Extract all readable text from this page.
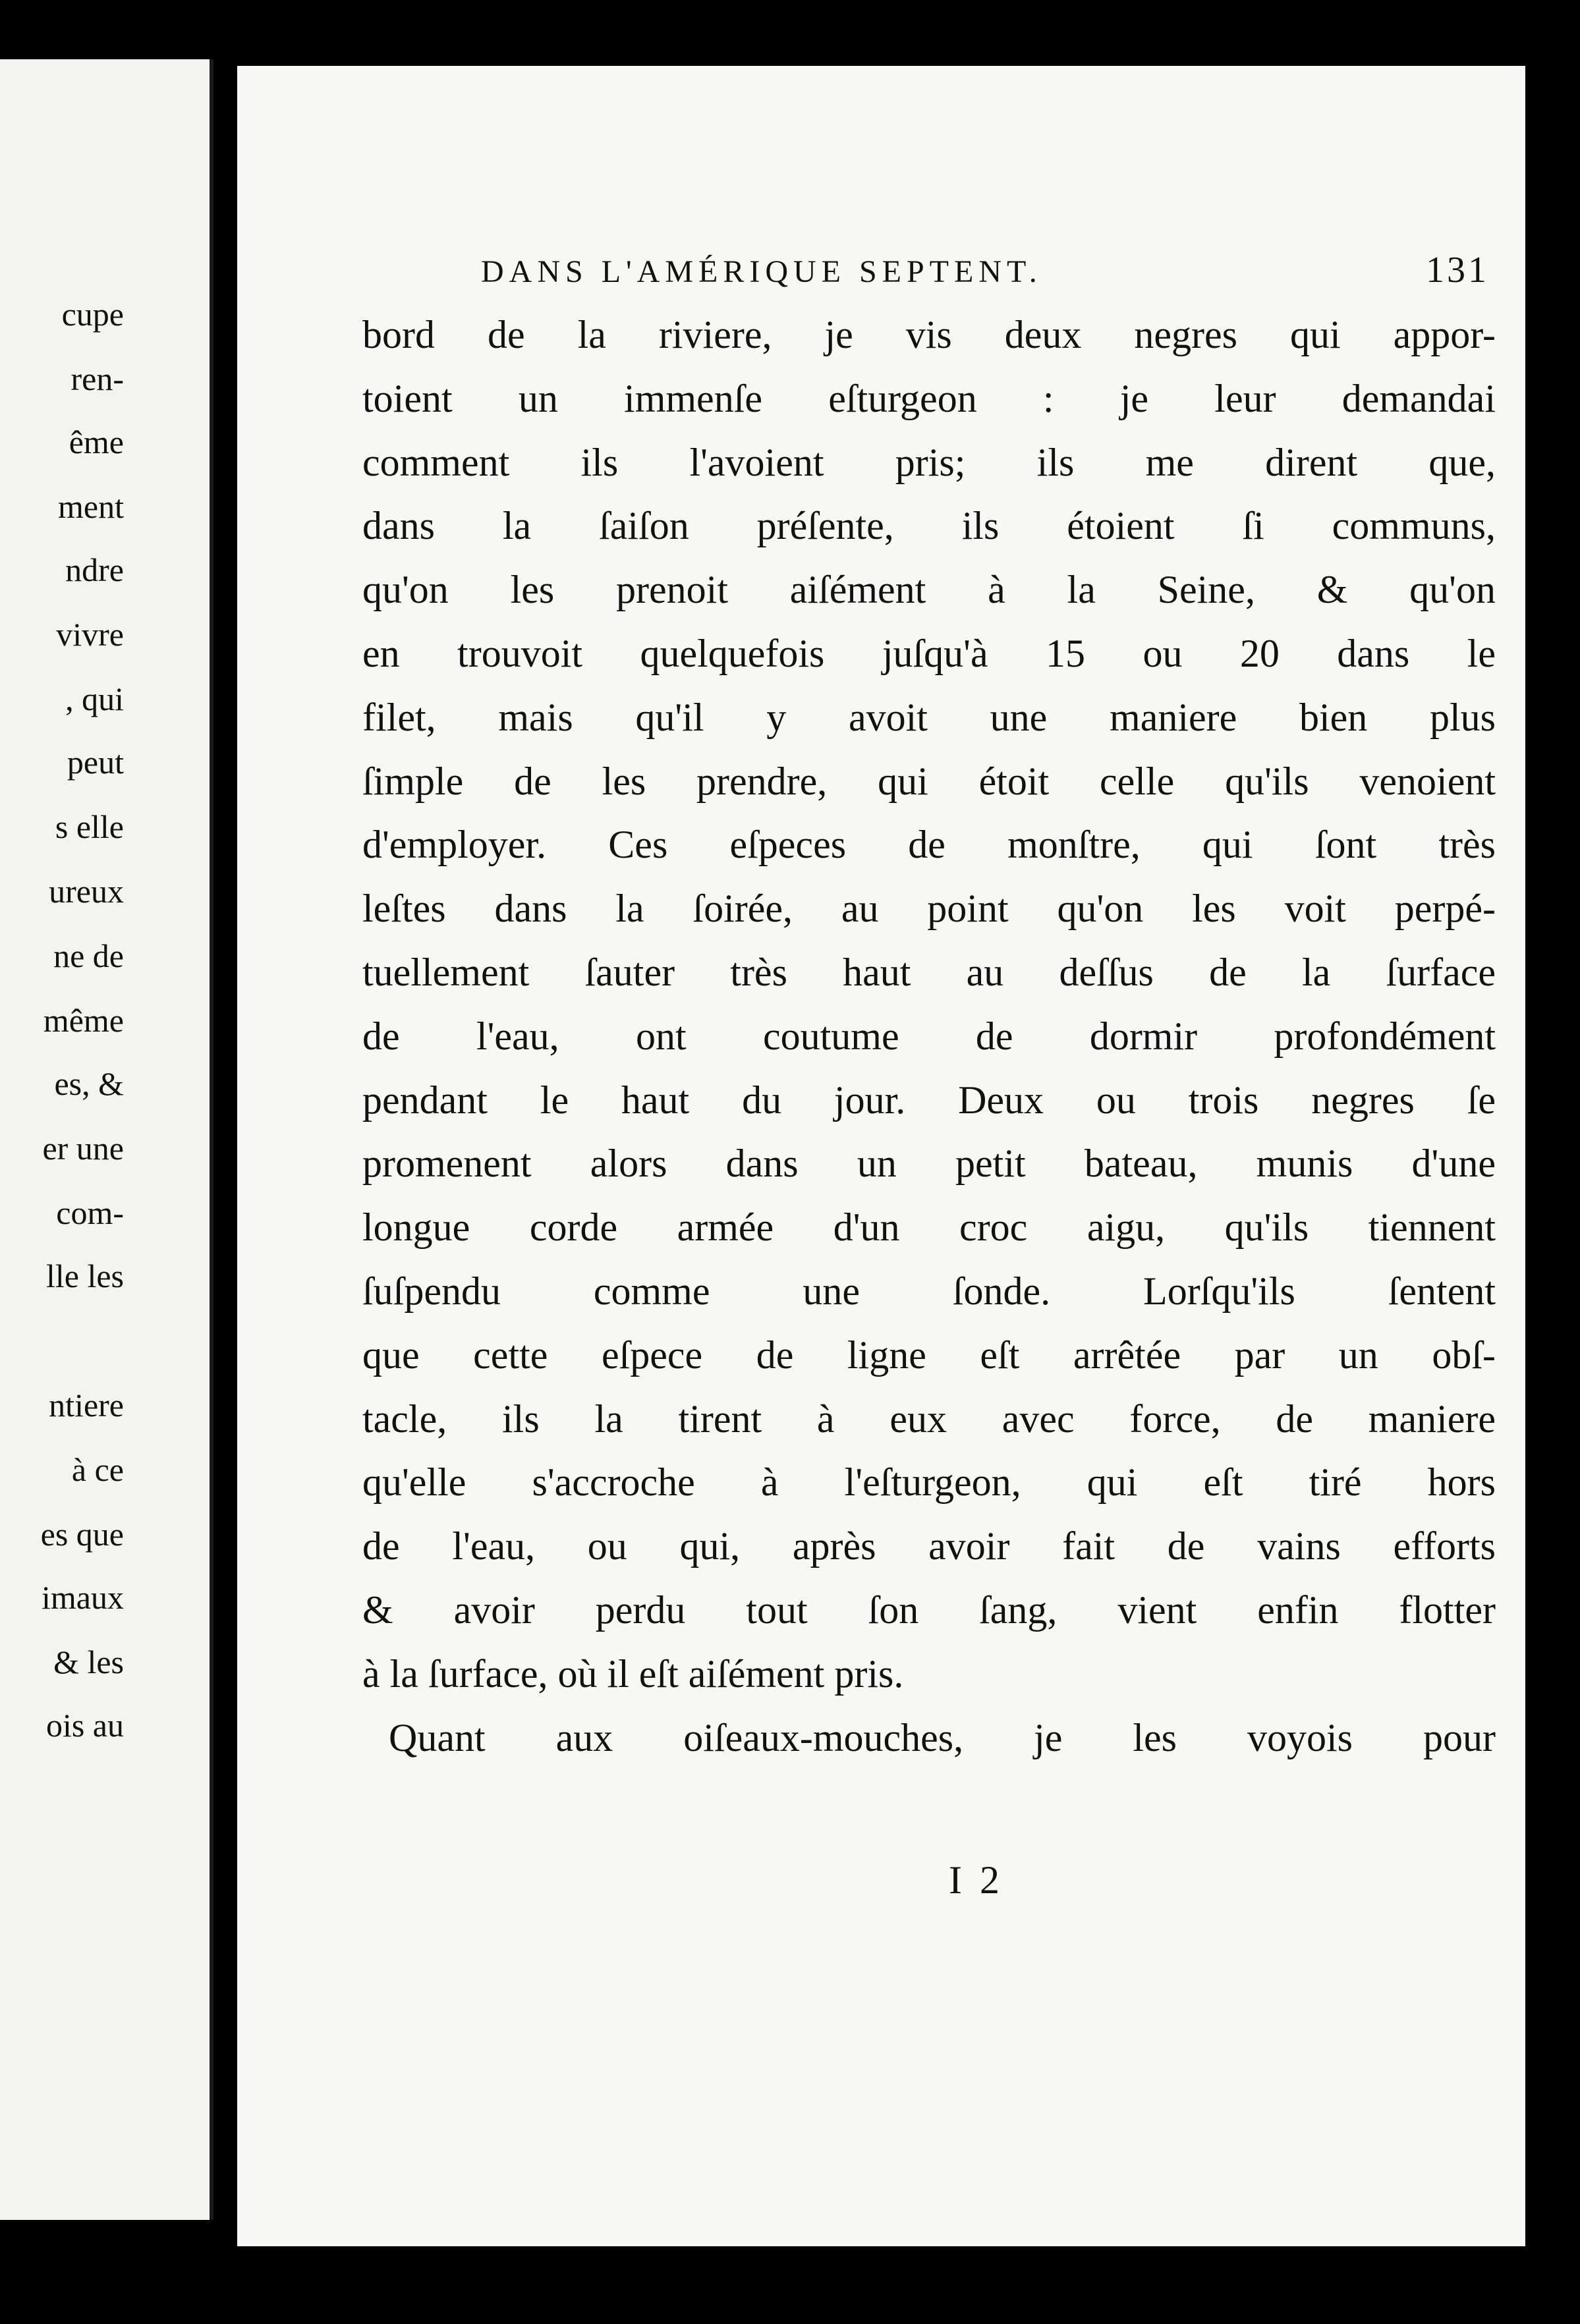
cupe
ren-
ême
ment
ndre
vivre
, qui
peut
s elle
ureux
ne de
même
es, &
er une
com-
lle les
ntiere
à ce
es que
imaux
& les
ois au
DANS L'AMÉRIQUE SEPTENT.	131
bord de la riviere, je vis deux negres qui appor-
toient un immenſe eſturgeon : je leur demandai
comment ils l'avoient pris; ils me dirent que,
dans la ſaiſon préſente, ils étoient ſi communs,
qu'on les prenoit aiſément à la Seine, & qu'on
en trouvoit quelquefois juſqu'à 15 ou 20 dans le
filet, mais qu'il y avoit une maniere bien plus
ſimple de les prendre, qui étoit celle qu'ils venoient
d'employer. Ces eſpeces de monſtre, qui ſont très
leſtes dans la ſoirée, au point qu'on les voit perpé-
tuellement ſauter très haut au deſſus de la ſurface
de l'eau, ont coutume de dormir profondément
pendant le haut du jour. Deux ou trois negres ſe
promenent alors dans un petit bateau, munis d'une
longue corde armée d'un croc aigu, qu'ils tiennent
ſuſpendu comme une ſonde. Lorſqu'ils ſentent
que cette eſpece de ligne eſt arrêtée par un obſ-
tacle, ils la tirent à eux avec force, de maniere
qu'elle s'accroche à l'eſturgeon, qui eſt tiré hors
de l'eau, ou qui, après avoir fait de vains efforts
& avoir perdu tout ſon ſang, vient enfin flotter
à la ſurface, où il eſt aiſément pris.
Quant aux oiſeaux-mouches, je les voyois pour
I 2
